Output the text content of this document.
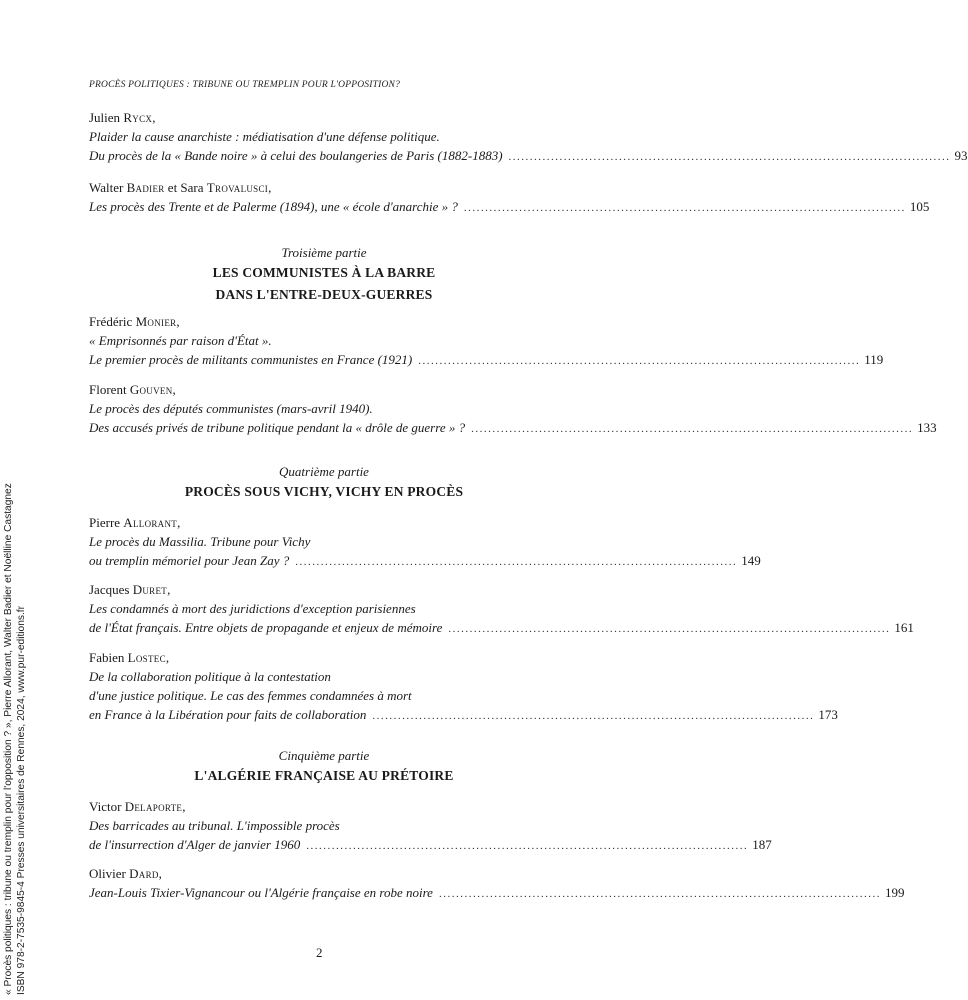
PROCÈS POLITIQUES : TRIBUNE OU TREMPLIN POUR L'OPPOSITION?
« Procès politiques : tribune ou tremplin pour l'opposition ? », Pierre Allorant, Walter Badier et Noëlline Castagnez ISBN 978-2-7535-9845-4 Presses universitaires de Rennes, 2024, www.pur-editions.fr
Julien Rycx,
Plaider la cause anarchiste : médiatisation d'une défense politique.
Du procès de la « Bande noire » à celui des boulangeries de Paris (1882-1883) ........................................................................................................ 93
Walter Badier et Sara Trovalusci,
Les procès des Trente et de Palerme (1894), une « école d'anarchie » ? ........................................................................................................ 105
Troisième partie
LES COMMUNISTES À LA BARRE
DANS L'ENTRE-DEUX-GUERRES
Frédéric Monier,
« Emprisonnés par raison d'État ».
Le premier procès de militants communistes en France (1921) ........................................................................................................ 119
Florent Gouven,
Le procès des députés communistes (mars-avril 1940).
Des accusés privés de tribune politique pendant la « drôle de guerre » ? ........................................................................................................ 133
Quatrième partie
PROCÈS SOUS VICHY, VICHY EN PROCÈS
Pierre Allorant,
Le procès du Massilia. Tribune pour Vichy
ou tremplin mémoriel pour Jean Zay ? ........................................................................................................ 149
Jacques Duret,
Les condamnés à mort des juridictions d'exception parisiennes
de l'État français. Entre objets de propagande et enjeux de mémoire ........................................................................................................ 161
Fabien Lostec,
De la collaboration politique à la contestation
d'une justice politique. Le cas des femmes condamnées à mort
en France à la Libération pour faits de collaboration ........................................................................................................ 173
Cinquième partie
L'ALGÉRIE FRANÇAISE AU PRÉTOIRE
Victor Delaporte,
Des barricades au tribunal. L'impossible procès
de l'insurrection d'Alger de janvier 1960 ........................................................................................................ 187
Olivier Dard,
Jean-Louis Tixier-Vignancour ou l'Algérie française en robe noire ........................................................................................................ 199
2
